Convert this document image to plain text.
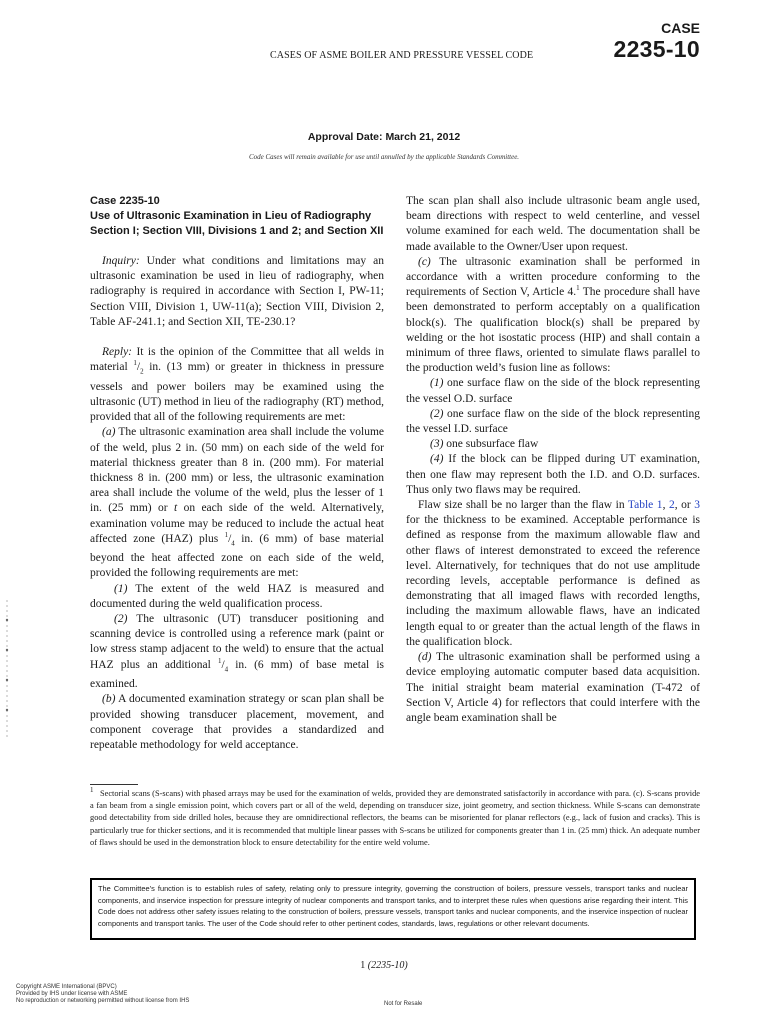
CASES OF ASME BOILER AND PRESSURE VESSEL CODE
CASE
2235-10
Approval Date: March 21, 2012
Code Cases will remain available for use until annulled by the applicable Standards Committee.
Case 2235-10
Use of Ultrasonic Examination in Lieu of Radiography
Section I; Section VIII, Divisions 1 and 2; and Section XII

Inquiry: Under what conditions and limitations may an ultrasonic examination be used in lieu of radiography, when radiography is required in accordance with Section I, PW-11; Section VIII, Division 1, UW-11(a); Section VIII, Division 2, Table AF-241.1; and Section XII, TE-230.1?

Reply: It is the opinion of the Committee that all welds in material $^1/_2$ in. (13 mm) or greater in thickness in pressure vessels and power boilers may be examined using the ultrasonic (UT) method in lieu of the radiography (RT) method, provided that all of the following requirements are met:

(a) The ultrasonic examination area shall include the volume of the weld, plus 2 in. (50 mm) on each side of the weld for material thickness greater than 8 in. (200 mm). For material thickness 8 in. (200 mm) or less, the ultrasonic examination area shall include the volume of the weld, plus the lesser of 1 in. (25 mm) or t on each side of the weld. Alternatively, examination volume may be reduced to include the actual heat affected zone (HAZ) plus $^1/_4$ in. (6 mm) of base material beyond the heat affected zone on each side of the weld, provided the following requirements are met:

(1) The extent of the weld HAZ is measured and documented during the weld qualification process.

(2) The ultrasonic (UT) transducer positioning and scanning device is controlled using a reference mark (paint or low stress stamp adjacent to the weld) to ensure that the actual HAZ plus an additional $^1/_4$ in. (6 mm) of base metal is examined.

(b) A documented examination strategy or scan plan shall be provided showing transducer placement, movement, and component coverage that provides a standardized and repeatable methodology for weld acceptance.

The scan plan shall also include ultrasonic beam angle used, beam directions with respect to weld centerline, and vessel volume examined for each weld. The documentation shall be made available to the Owner/User upon request.

(c) The ultrasonic examination shall be performed in accordance with a written procedure conforming to the requirements of Section V, Article 4.$^1$ The procedure shall have been demonstrated to perform acceptably on a qualification block(s). The qualification block(s) shall be prepared by welding or the hot isostatic process (HIP) and shall contain a minimum of three flaws, oriented to simulate flaws parallel to the production weld’s fusion line as follows:

(1) one surface flaw on the side of the block representing the vessel O.D. surface

(2) one surface flaw on the side of the block representing the vessel I.D. surface

(3) one subsurface flaw

(4) If the block can be flipped during UT examination, then one flaw may represent both the I.D. and O.D. surfaces. Thus only two flaws may be required.

Flaw size shall be no larger than the flaw in Table 1, 2, or 3 for the thickness to be examined. Acceptable performance is defined as response from the maximum allowable flaw and other flaws of interest demonstrated to exceed the reference level. Alternatively, for techniques that do not use amplitude recording levels, acceptable performance is defined as demonstrating that all imaged flaws with recorded lengths, including the maximum allowable flaws, have an indicated length equal to or greater than the actual length of the flaws in the qualification block.

(d) The ultrasonic examination shall be performed using a device employing automatic computer based data acquisition. The initial straight beam material examination (T-472 of Section V, Article 4) for reflectors that could interfere with the angle beam examination shall be

$^1$ Sectorial scans (S-scans) with phased arrays may be used for the examination of welds, provided they are demonstrated satisfactorily in accordance with para. (c). S-scans provide a fan beam from a single emission point, which covers part or all of the weld, depending on transducer size, joint geometry, and section thickness. While S-scans can demonstrate good detectability from side drilled holes, because they are omnidirectional reflectors, the beams can be misoriented for planar reflectors (e.g., lack of fusion and cracks). This is particularly true for thicker sections, and it is recommended that multiple linear passes with S-scans be utilized for components greater than 1 in. (25 mm) thick. An adequate number of flaws should be used in the demonstration block to ensure detectability for the entire weld volume.
The Committee’s function is to establish rules of safety, relating only to pressure integrity, governing the construction of boilers, pressure vessels, transport tanks and nuclear components, and inservice inspection for pressure integrity of nuclear components and transport tanks, and to interpret these rules when questions arise regarding their intent. This Code does not address other safety issues relating to the construction of boilers, pressure vessels, transport tanks and nuclear components, and the inservice inspection of nuclear components and transport tanks. The user of the Code should refer to other pertinent codes, standards, laws, regulations or other relevant documents.
1 (2235-10)
Copyright ASME International (BPVC)
Provided by IHS under license with ASME
No reproduction or networking permitted without license from IHS	Not for Resale
